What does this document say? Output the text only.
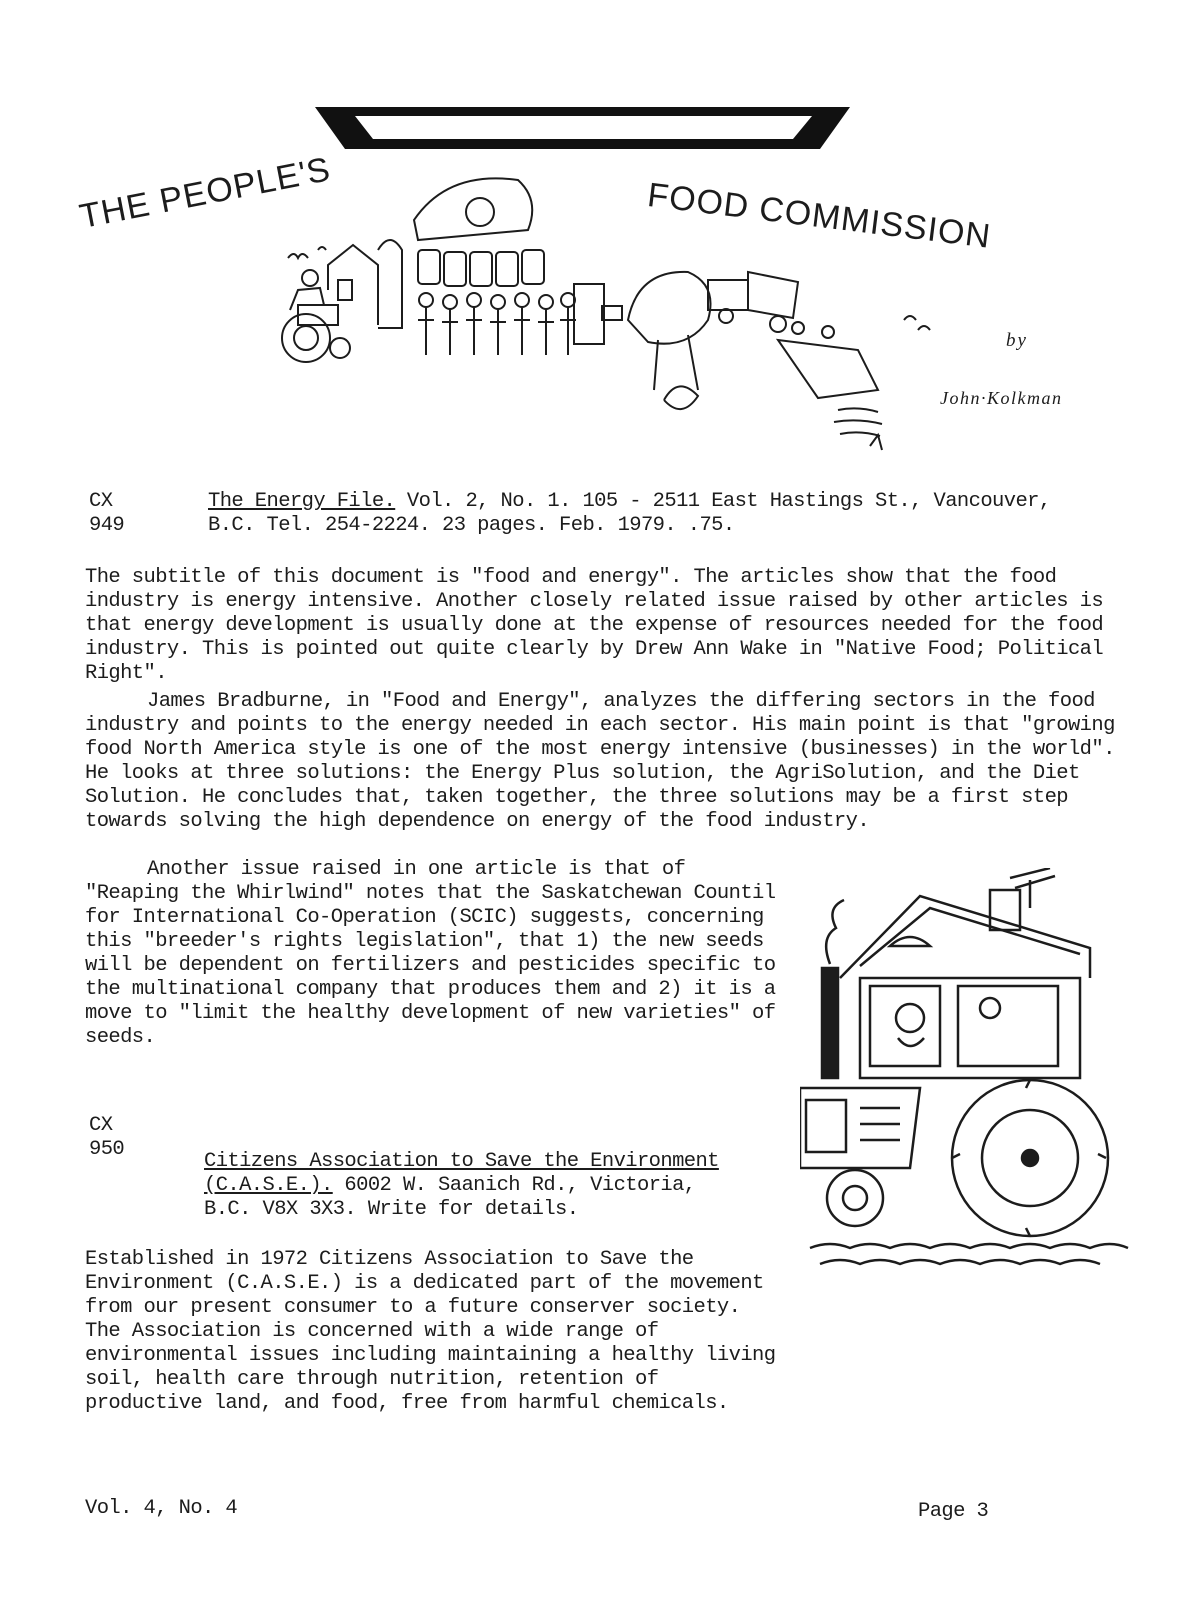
THE PEOPLE'S	FOOD COMMISSION
by
John·Kolkman
CX
949
The Energy File. Vol. 2, No. 1. 105 - 2511 East Hastings St., Vancouver,
B.C. Tel. 254-2224. 23 pages. Feb. 1979. .75.

The subtitle of this document is "food and energy". The articles show that the food industry is energy intensive. Another closely related issue raised by other articles is that energy development is usually done at the expense of resources needed for the food industry. This is pointed out quite clearly by Drew Ann Wake in "Native Food; Political Right".

James Bradburne, in "Food and Energy", analyzes the differing sectors in the food industry and points to the energy needed in each sector. His main point is that "growing food North America style is one of the most energy intensive (businesses) in the world". He looks at three solutions: the Energy Plus solution, the AgriSolution, and the Diet Solution. He concludes that, taken together, the three solutions may be a first step towards solving the high dependence on energy of the food industry.

Another issue raised in one article is that of "Reaping the Whirlwind" notes that the Saskatchewan Countil for International Co-Operation (SCIC) suggests, concerning this "breeder's rights legislation", that 1) the new seeds will be dependent on fertilizers and pesticides specific to the multinational company that produces them and 2) it is a move to "limit the healthy development of new varieties" of seeds.

CX
950
Citizens Association to Save the Environment
(C.A.S.E.). 6002 W. Saanich Rd., Victoria,
B.C. V8X 3X3. Write for details.

Established in 1972 Citizens Association to Save the Environment (C.A.S.E.) is a dedicated part of the movement from our present consumer to a future conserver society. The Association is concerned with a wide range of environmental issues including maintaining a healthy living soil, health care through nutrition, retention of productive land, and food, free from harmful chemicals.

Vol. 4, No. 4	Page 3
